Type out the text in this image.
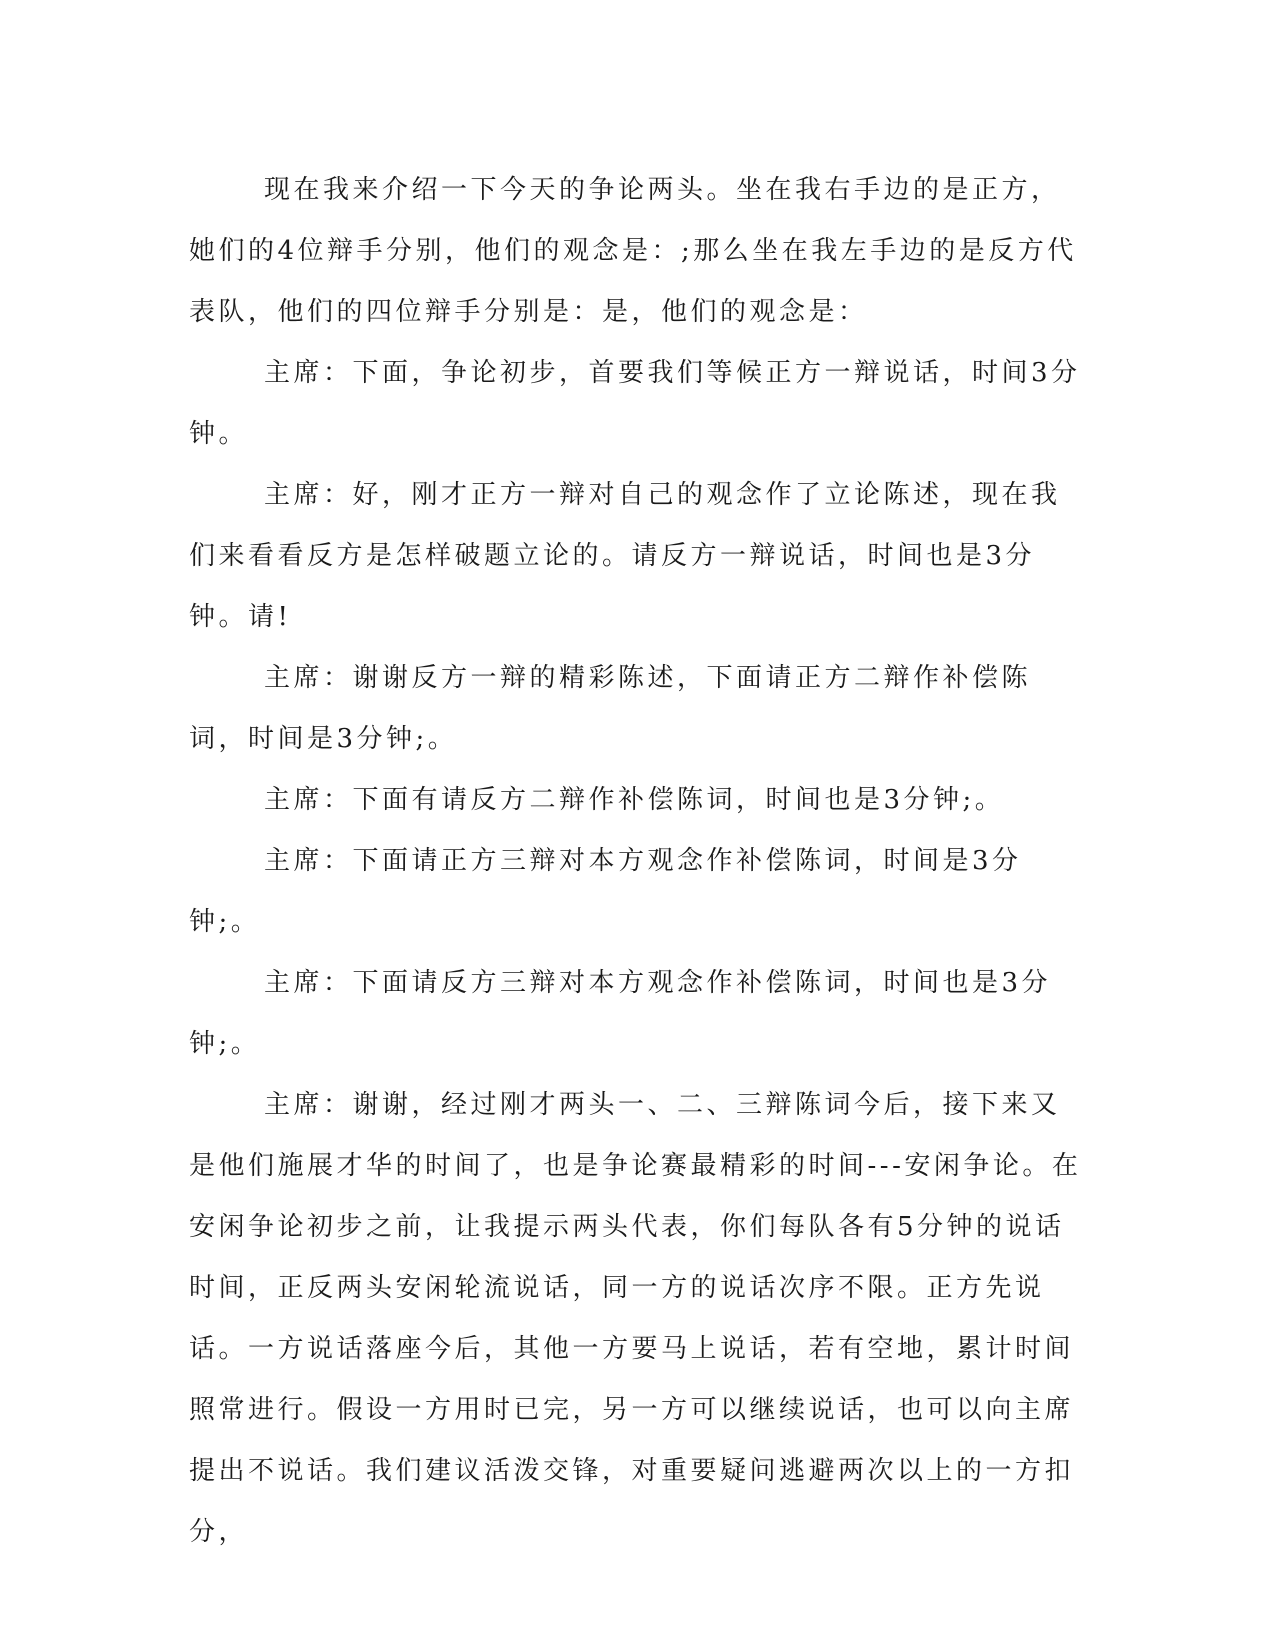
现在我来介绍一下今天的争论两头。坐在我右手边的是正方，她们的4位辩手分别，他们的观念是：;那么坐在我左手边的是反方代表队，他们的四位辩手分别是：是，他们的观念是：

主席：下面，争论初步，首要我们等候正方一辩说话，时间3分钟。

主席：好，刚才正方一辩对自己的观念作了立论陈述，现在我们来看看反方是怎样破题立论的。请反方一辩说话，时间也是3分钟。请!

主席：谢谢反方一辩的精彩陈述，下面请正方二辩作补偿陈词，时间是3分钟;。

主席：下面有请反方二辩作补偿陈词，时间也是3分钟;。

主席：下面请正方三辩对本方观念作补偿陈词，时间是3分钟;。

主席：下面请反方三辩对本方观念作补偿陈词，时间也是3分钟;。

主席：谢谢，经过刚才两头一、二、三辩陈词今后，接下来又是他们施展才华的时间了，也是争论赛最精彩的时间---安闲争论。在安闲争论初步之前，让我提示两头代表，你们每队各有5分钟的说话时间，正反两头安闲轮流说话，同一方的说话次序不限。正方先说话。一方说话落座今后，其他一方要马上说话，若有空地，累计时间照常进行。假设一方用时已完，另一方可以继续说话，也可以向主席提出不说话。我们建议活泼交锋，对重要疑问逃避两次以上的一方扣分，
